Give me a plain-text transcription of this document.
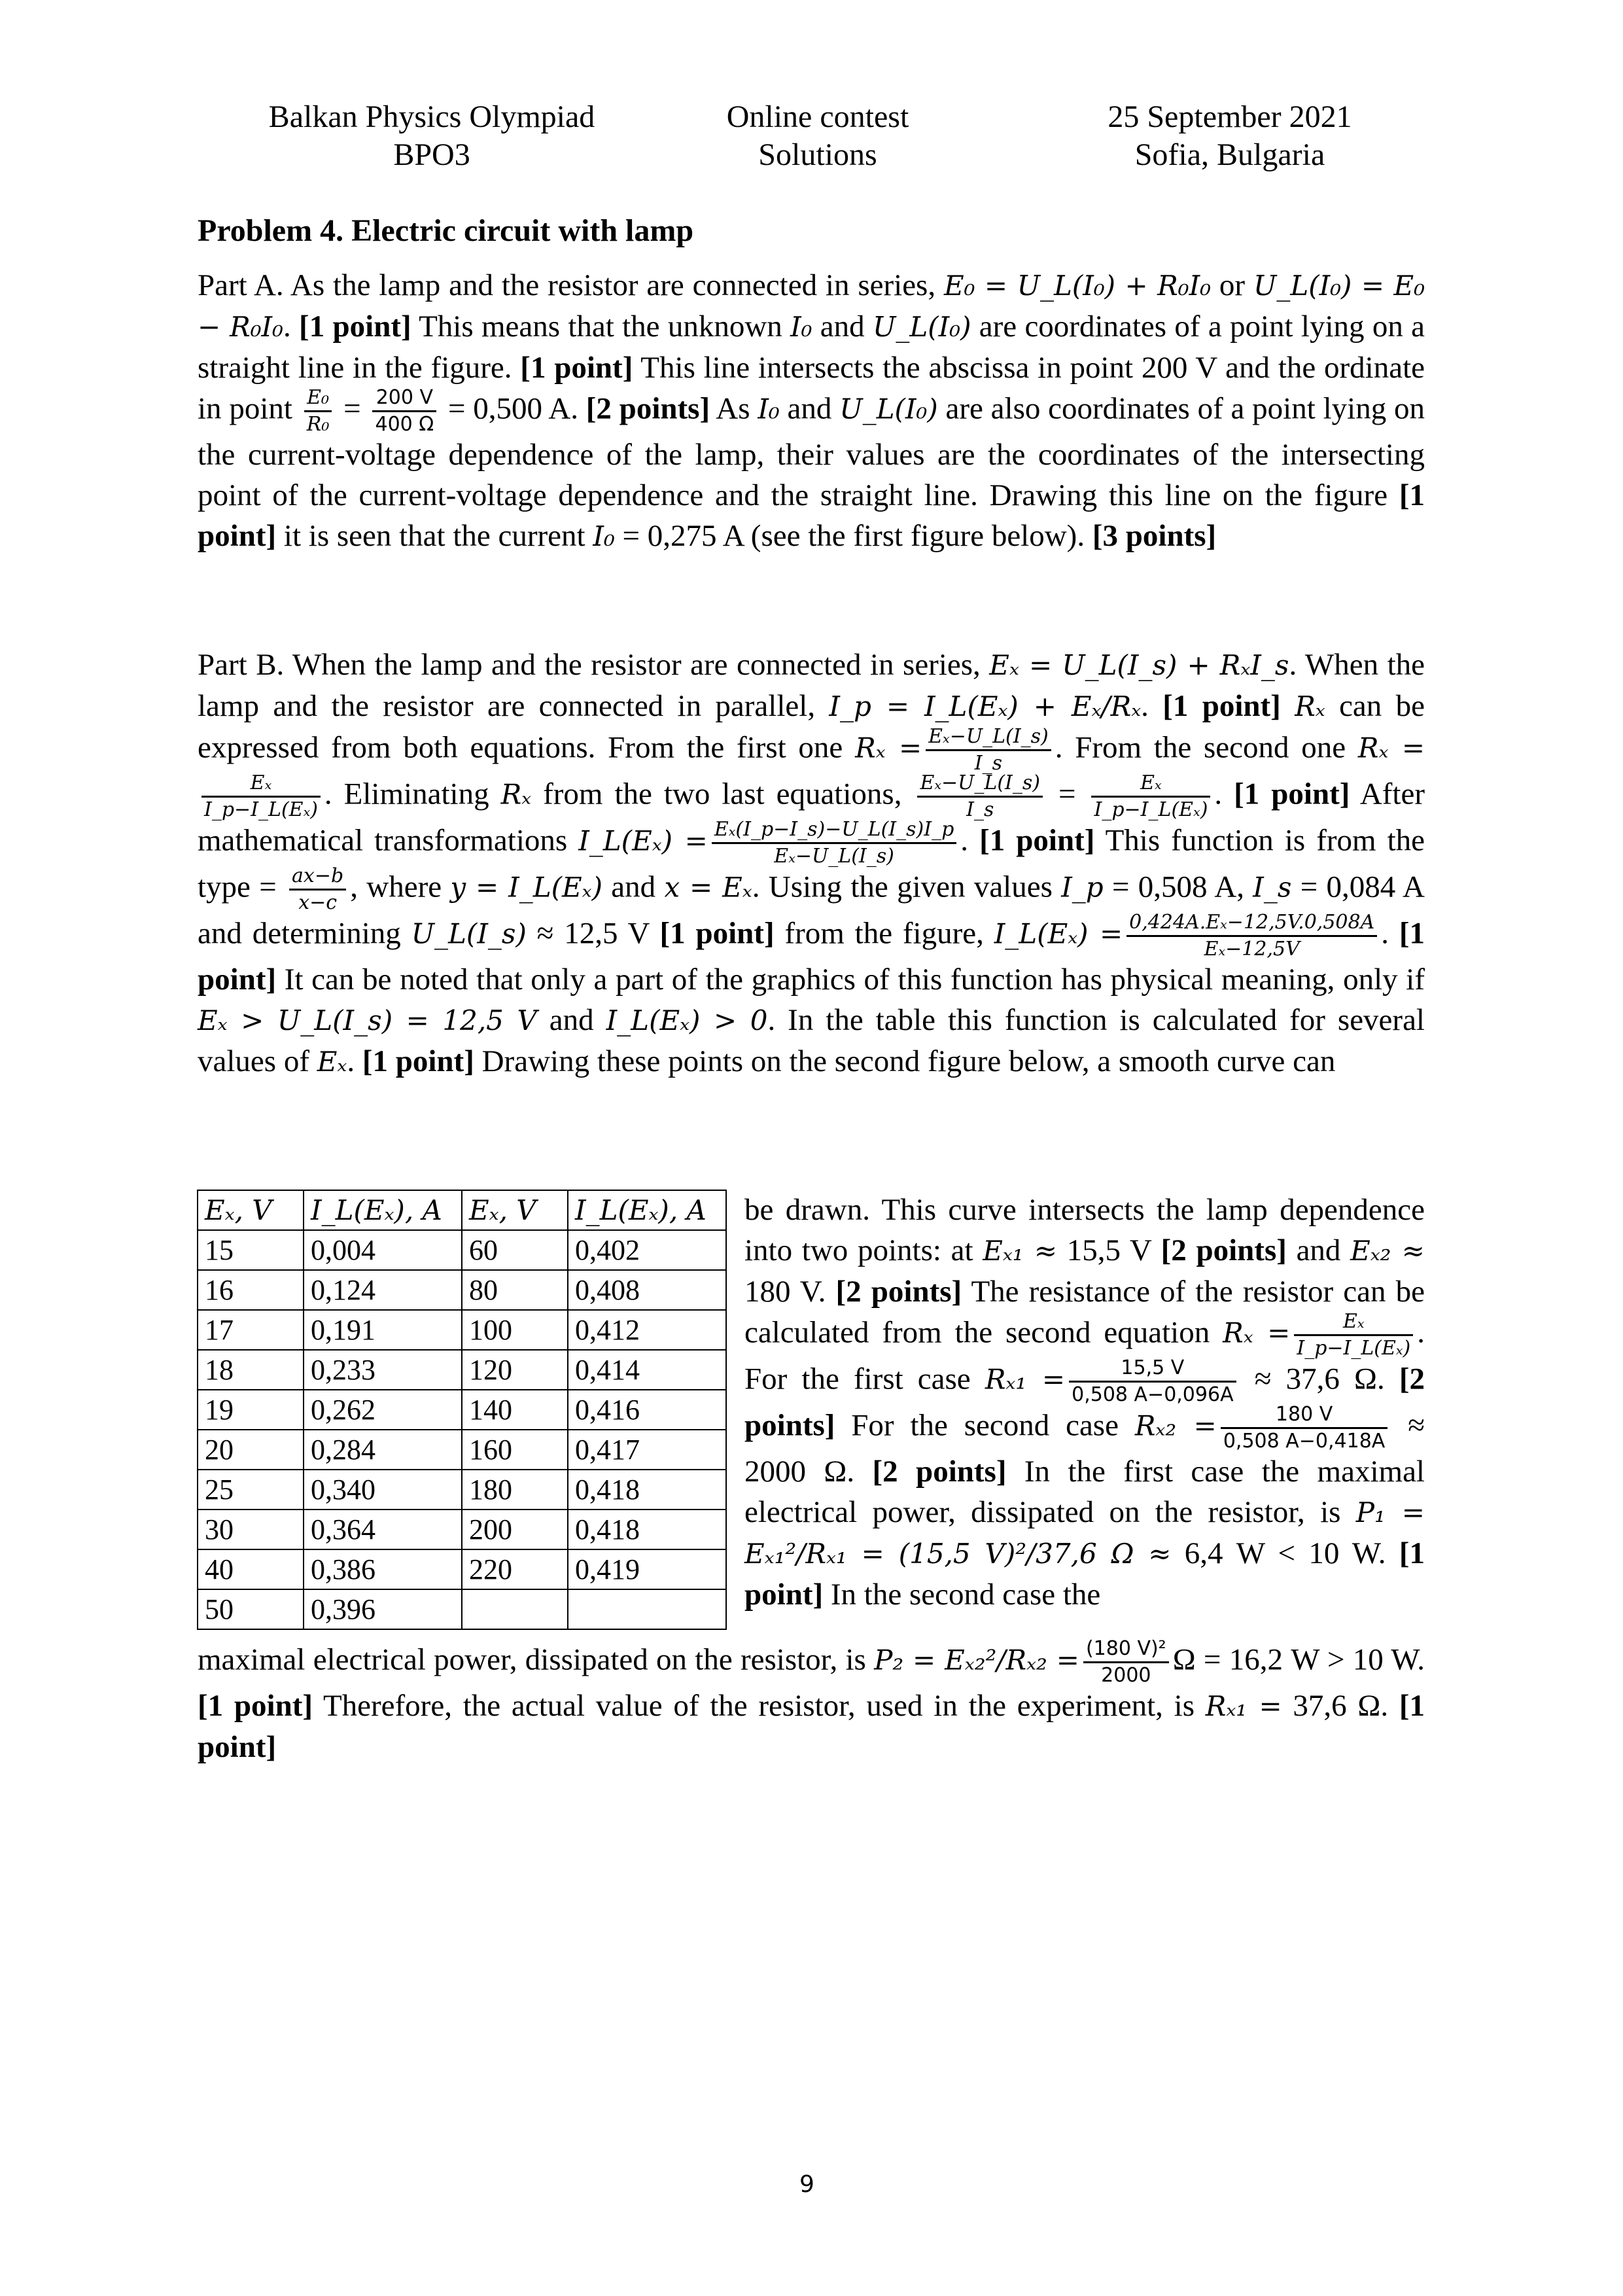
Balkan Physics Olympiad
BPO3
Online contest
Solutions
25 September 2021
Sofia, Bulgaria
Problem 4. Electric circuit with lamp
Part A. As the lamp and the resistor are connected in series, E₀ = U_L(I₀) + R₀I₀ or U_L(I₀) = E₀ − R₀I₀. [1 point] This means that the unknown I₀ and U_L(I₀) are coordinates of a point lying on a straight line in the figure. [1 point] This line intersects the abscissa in point 200 V and the ordinate in point $\frac{\text{E₀}}{\text{R₀}} = \frac{200 V}{400 \Omega} = 0,500$ A. [2 points] As I₀ and U_L(I₀) are also coordinates of a point lying on the current-voltage dependence of the lamp, their values are the coordinates of the intersecting point of the current-voltage dependence and the straight line. Drawing this line on the figure [1 point] it is seen that the current I₀ = 0,275 A (see the first figure below). [3 points]
Part B. When the lamp and the resistor are connected in series, Eₓ = U_L(I_s) + RₓI_s. When the lamp and the resistor are connected in parallel, I_p = I_L(Eₓ) + Eₓ/Rₓ. [1 point] Rₓ can be expressed from both equations. From the first one $R_x = \frac{\text{Eₓ−U\_L(I\_s)}}{I\_s}$ . From the second one Rₓ =
$\frac{\text{Eₓ}}{\text{I\_p−I\_L(Eₓ)}}$ . Eliminating Rₓ from the two last equations, $\frac{\text{Eₓ−U\_L(I\_s)}}{I\_s} = \frac{\text{Eₓ}}{\text{I\_p−I\_L(Eₓ)}}$ . [1 point] After mathematical transformations I_L(Eₓ) = $\frac{\text{Eₓ(I\_p−I\_s)−U\_L(I\_s)I\_p}}{\text{Eₓ−U\_L(I\_s)}}$ . [1 point] This function is from the type = $\frac{ax-b}{x-c}$ , where y = I_L(Eₓ) and x = Eₓ. Using the given values I_p = 0,508 A, I_s = 0,084 A and determining U_L(I_s) ≈ 12,5 V [1 point] from the figure, I_L(Eₓ) = $\frac{\text{0,424A.Eₓ−12,5V.0,508A}}{\text{Eₓ−12,5V}}$ . [1 point] It can be noted that only a part of the graphics of this function has physical meaning, only if Eₓ > U_L(I_s) = 12,5 V and I_L(Eₓ) > 0. In the table this function is calculated for several values of Eₓ. [1 point] Drawing these points on the second figure below, a smooth curve can
Eₓ, V	I_L(Eₓ), A	Eₓ, V	I_L(Eₓ), A
15	0,004	60	0,402
16	0,124	80	0,408
17	0,191	100	0,412
18	0,233	120	0,414
19	0,262	140	0,416
20	0,284	160	0,417
25	0,340	180	0,418
30	0,364	200	0,418
40	0,386	220	0,419
50	0,396		
be drawn. This curve intersects the lamp dependence into two points: at Eₓ₁ ≈ 15,5 V [2 points] and Eₓ₂ ≈ 180 V. [2 points] The resistance of the resistor can be calculated from the second equation $R_x = \frac{\text{Eₓ}}{\text{I\_p−I\_L(Eₓ)}}$ . For the first case $R_{x1} = \frac{15,5 V}{0,508 A-0,096A} \approx 37,6$ Ω. [2 points] For the second case $R_{x2} = \frac{180 V}{0,508 A-0,418A} \approx 2000$ Ω. [2 points] In the first case the maximal electrical power, dissipated on the resistor, is P₁ = Eₓ₁²/Rₓ₁ = (15,5 V)²/37,6 Ω ≈ 6,4 W < 10 W. [1 point] In the second case the
maximal electrical power, dissipated on the resistor, is $P_2 = E_{x2}^2/R_{x2} = \frac{\text{(180 V)²}}{2000}$ Ω = 16,2 W > 10 W. [1 point] Therefore, the actual value of the resistor, used in the experiment, is Rₓ₁ = 37,6 Ω. [1 point]
9
